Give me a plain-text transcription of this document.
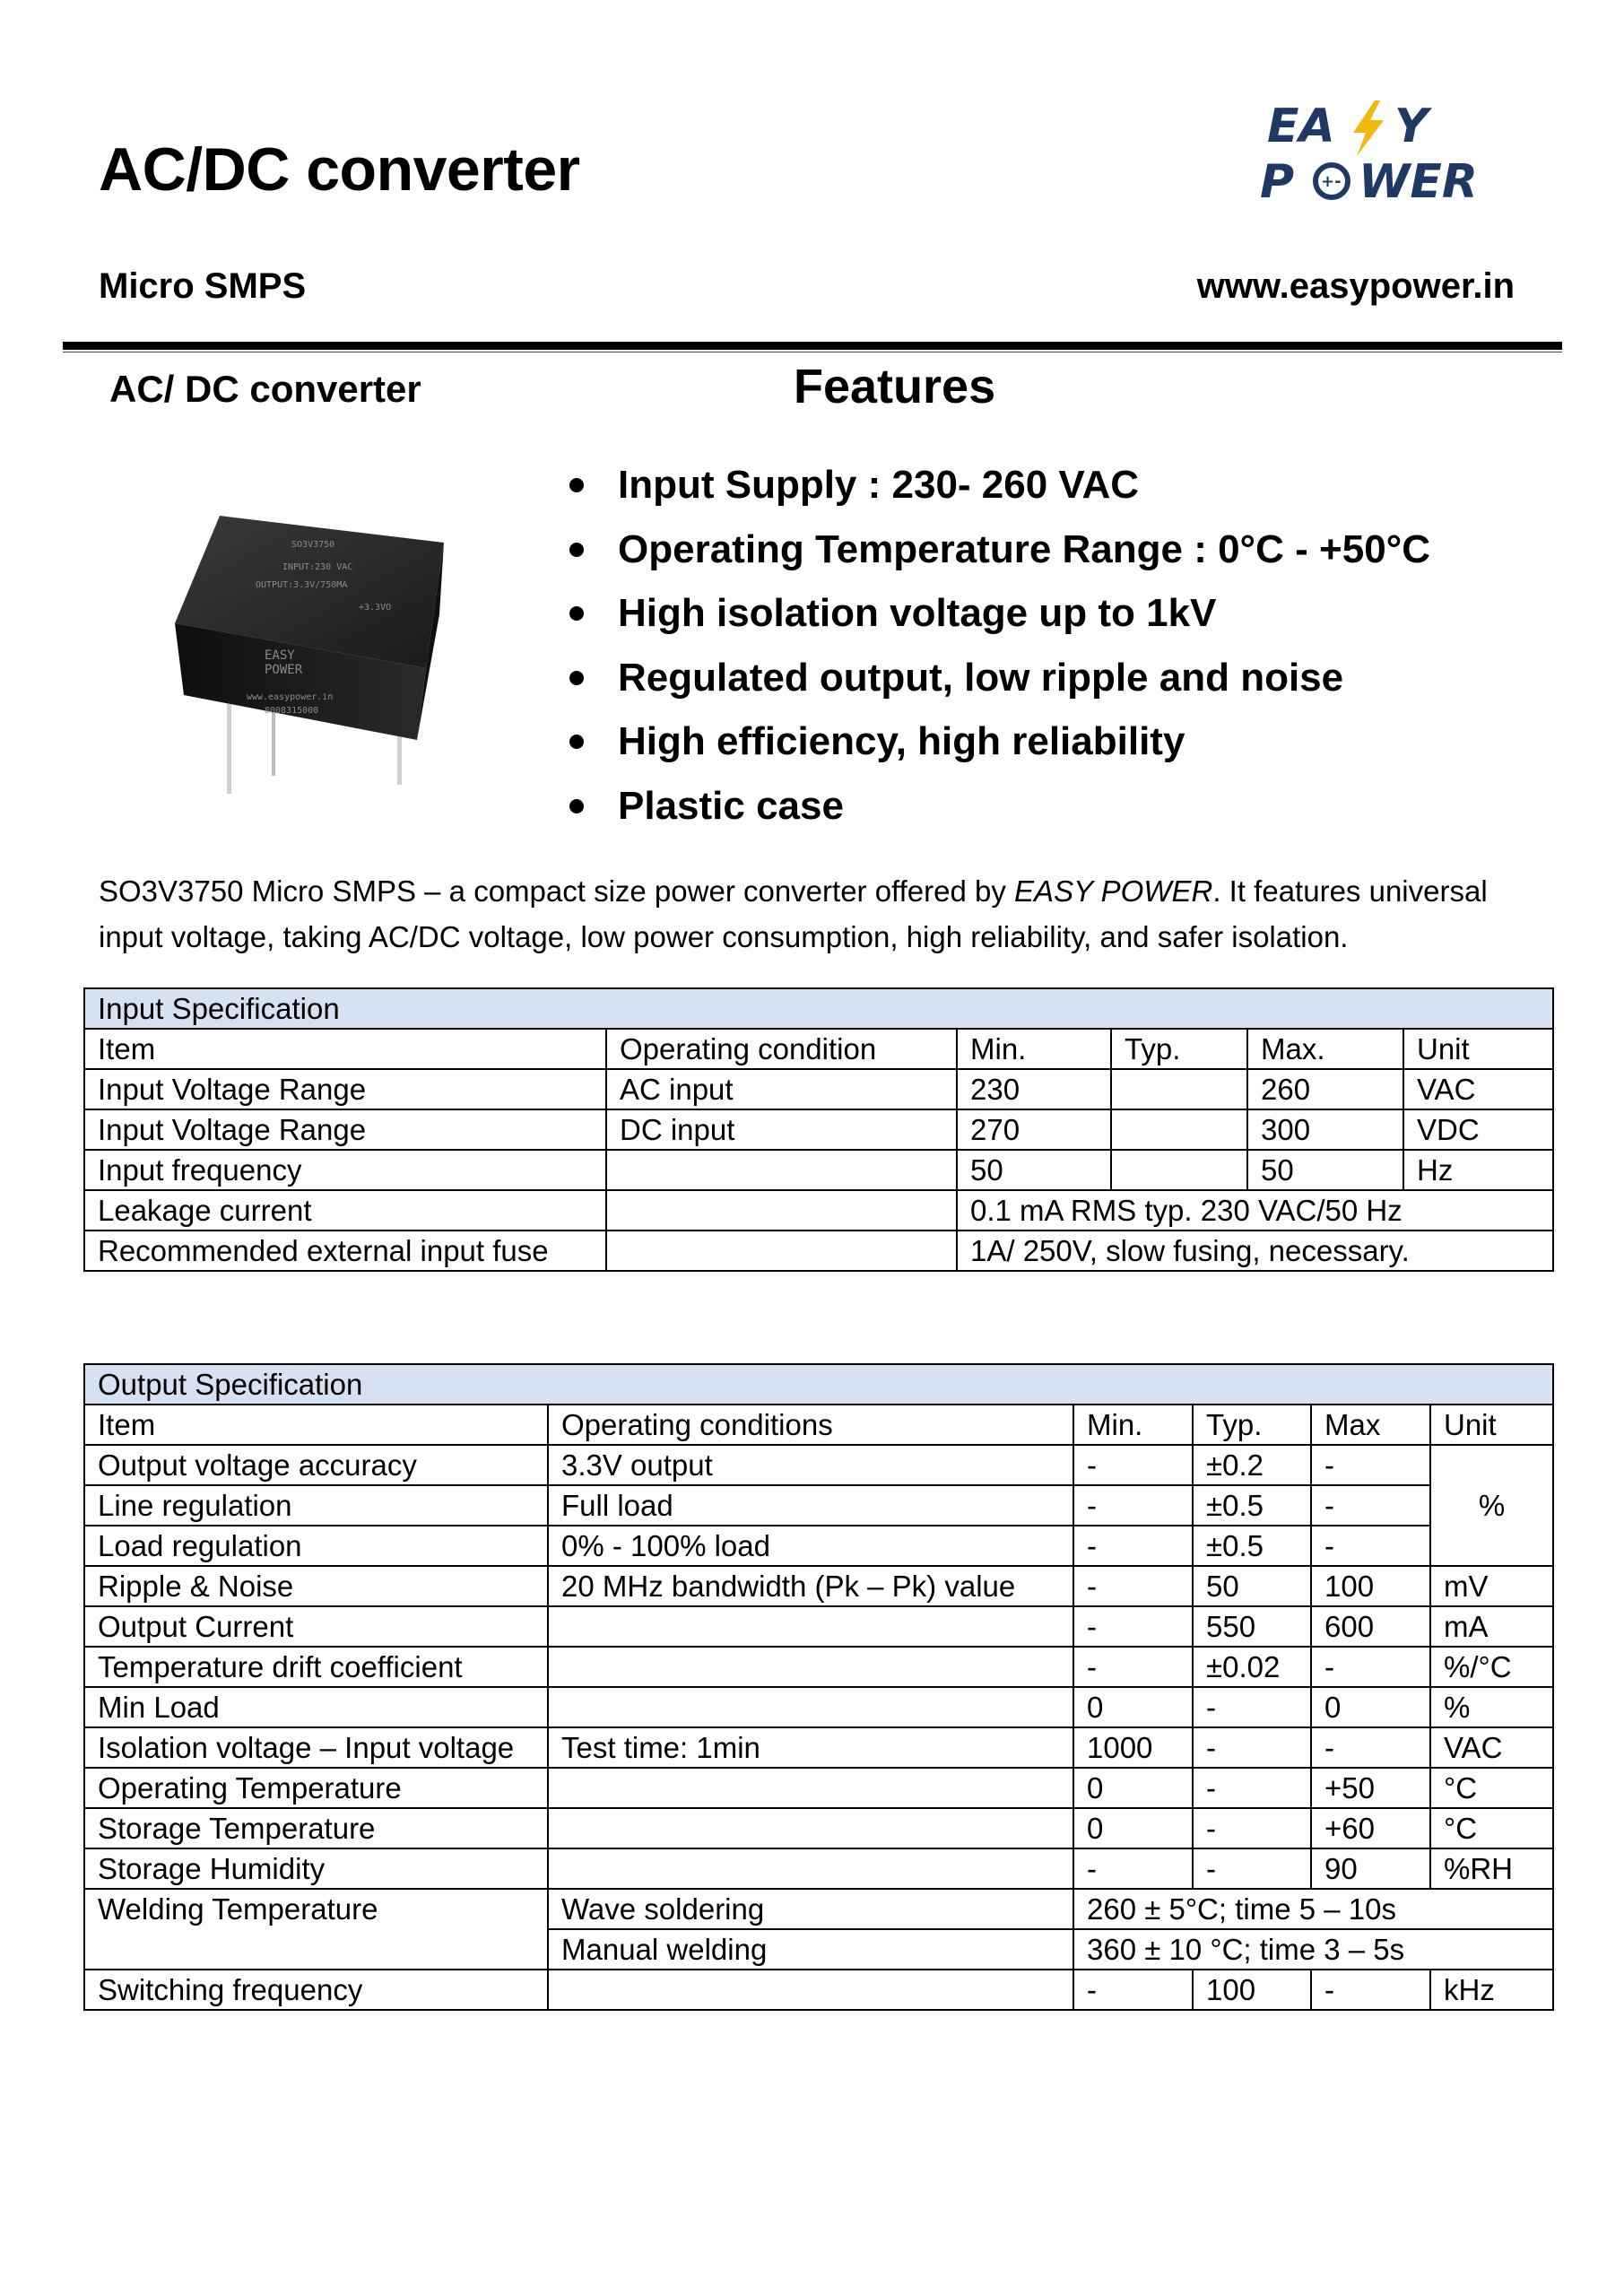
AC/DC converter
Micro SMPS	www.easypower.in
EA Y
P WER
+-
AC/ DC converter	Features
SO3V3750
INPUT:230 VAC
OUTPUT:3.3V/750MA
+3.3VO
EASY
POWER
www.easypower.in
8008315000
Input Supply : 230- 260 VAC
Operating Temperature Range : 0°C - +50°C
High isolation voltage up to 1kV
Regulated output, low ripple and noise
High efficiency, high reliability
Plastic case
SO3V3750 Micro SMPS – a compact size power converter offered by EASY POWER. It features universal input voltage, taking AC/DC voltage, low power consumption, high reliability, and safer isolation.
Input Specification					
Item	Operating condition	Min.	Typ.	Max.	Unit
Input Voltage Range	AC input	230		260	VAC
Input Voltage Range	DC input	270		300	VDC
Input frequency		50		50	Hz
Leakage current		0.1 mA RMS typ. 230 VAC/50 Hz			
Recommended external input fuse		1A/ 250V, slow fusing, necessary.			
Output Specification					
Item	Operating conditions	Min.	Typ.	Max	Unit
Output voltage accuracy	3.3V output	-	±0.2	-	%
Line regulation	Full load	-	±0.5	-	
Load regulation	0% - 100% load	-	±0.5	-	
Ripple & Noise	20 MHz bandwidth (Pk – Pk) value	-	50	100	mV
Output Current		-	550	600	mA
Temperature drift coefficient		-	±0.02	-	%/°C
Min Load		0	-	0	%
Isolation voltage – Input voltage	Test time: 1min	1000	-	-	VAC
Operating Temperature		0	-	+50	°C
Storage Temperature		0	-	+60	°C
Storage Humidity		-	-	90	%RH
Welding Temperature	Wave soldering	260 ± 5°C; time 5 – 10s			
	Manual welding	360 ± 10 °C; time 3 – 5s			
Switching frequency		-	100	-	kHz
